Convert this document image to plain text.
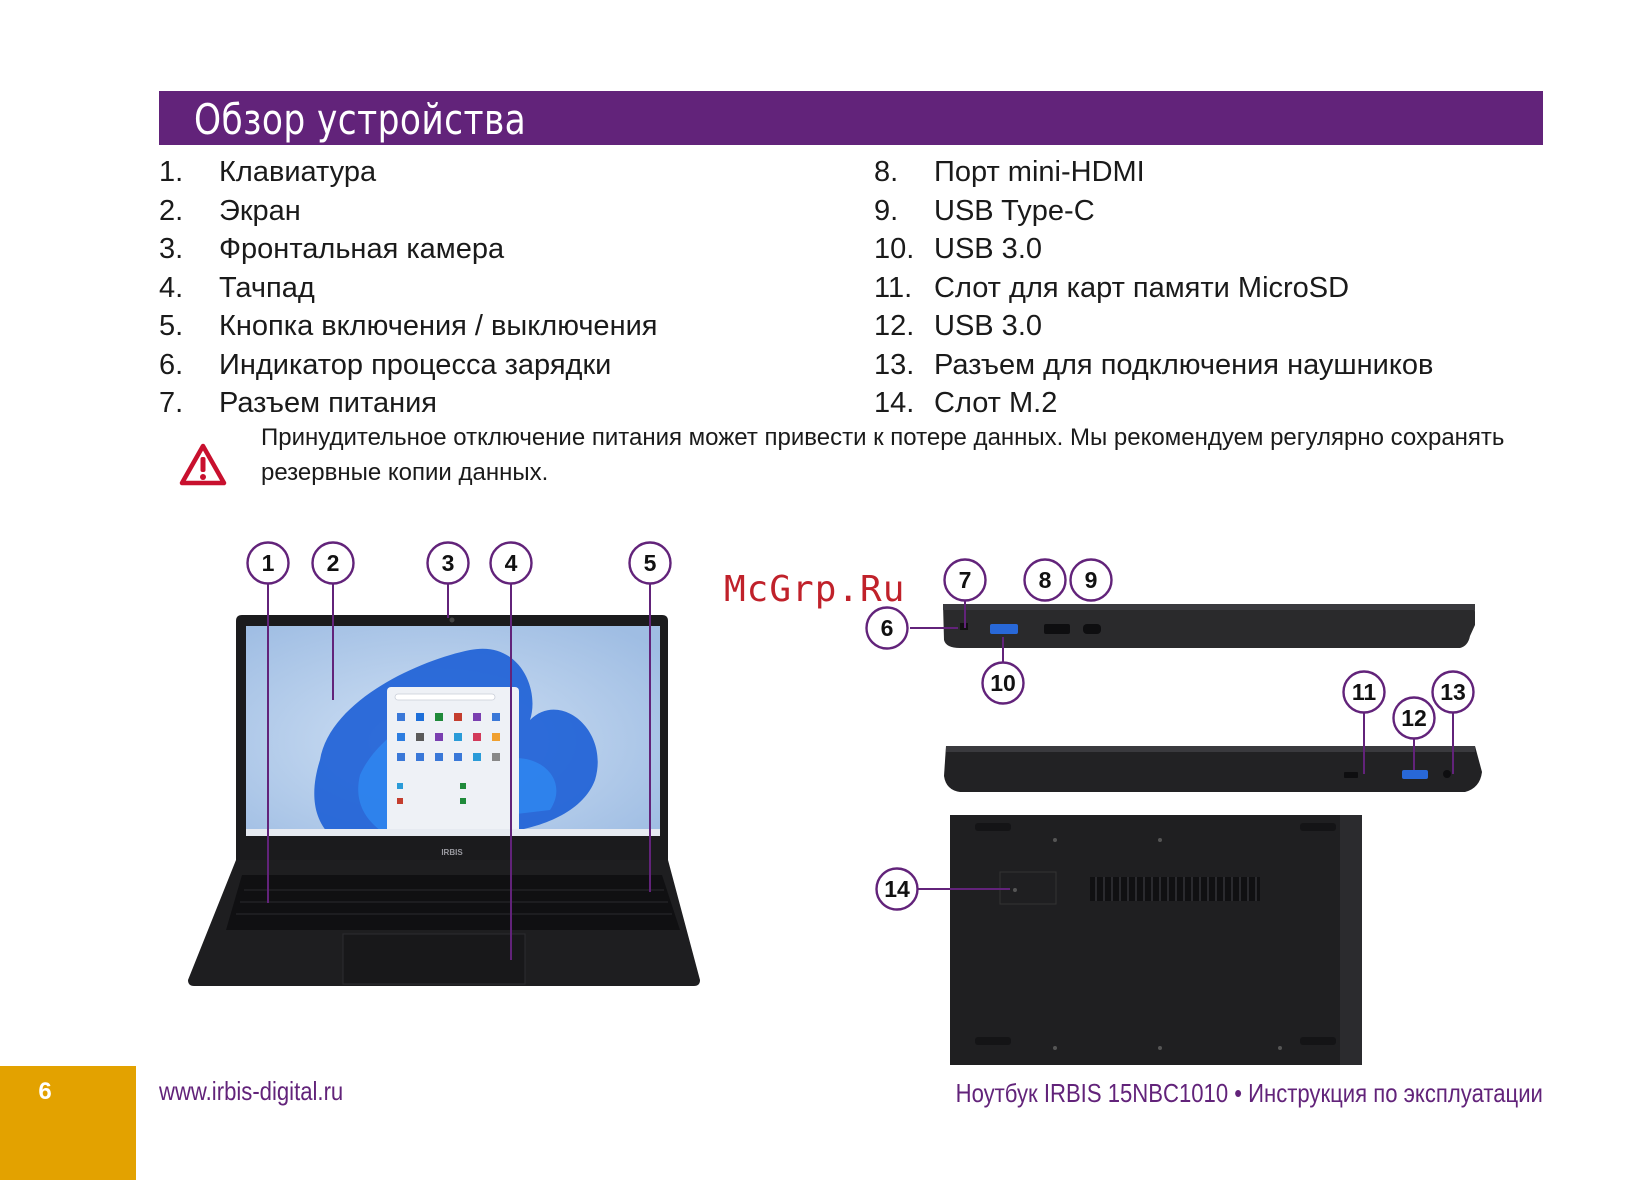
Обзор устройства
1. Клавиатура
2. Экран
3. Фронтальная камера
4. Тачпад
5. Кнопка включения / выключения
6. Индикатор процесса зарядки
7. Разъем питания
8. Порт mini-HDMI
9. USB Type-C
10. USB 3.0
11. Слот для карт памяти MicroSD
12. USB 3.0
13. Разъем для подключения наушников
14. Слот M.2
Принудительное отключение питания может привести к потере данных. Мы рекомендуем регулярно сохранять резервные копии данных.
IRBIS
1 2	3 4	5
6
7	8 9
10	11
12
13
14
McGrp.Ru
6	www.irbis-digital.ru	Ноутбук IRBIS 15NBC1010 • Инструкция по эксплуатации
